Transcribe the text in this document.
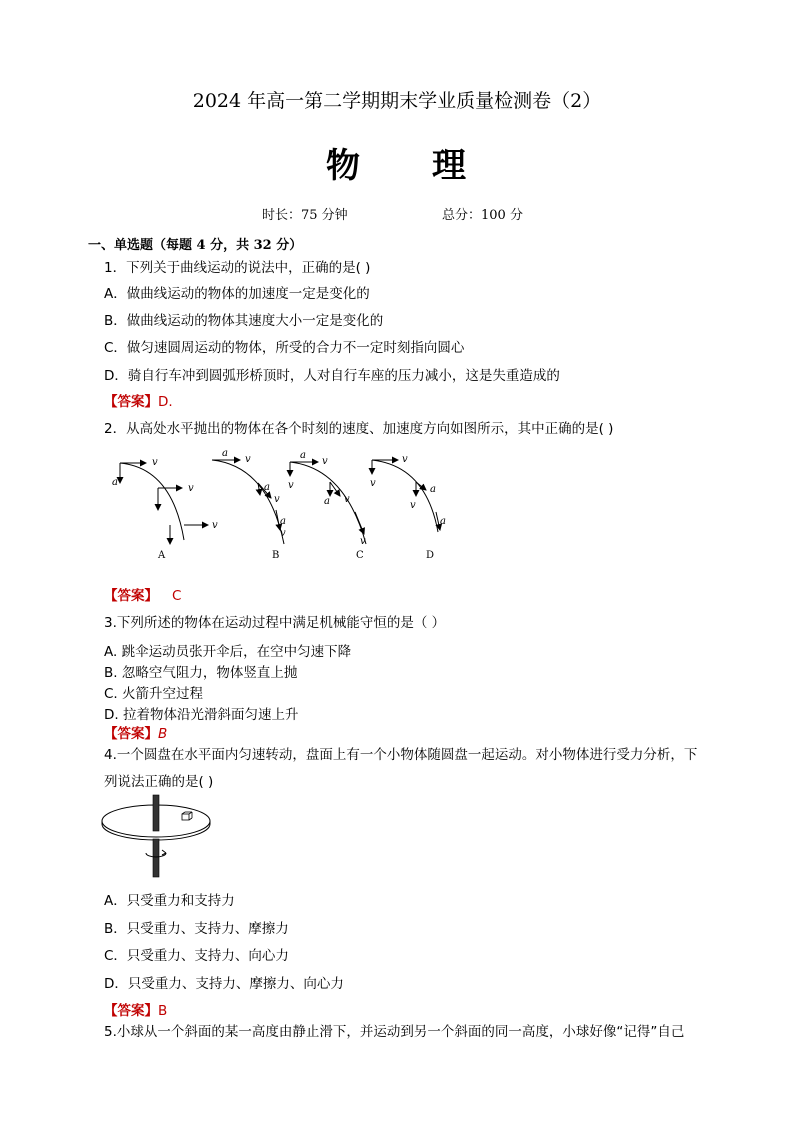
2024 年高一第二学期期末学业质量检测卷（2）
物 理
时长：75 分钟	总分：100 分
一、单选题（每题 4 分，共 32 分）
1．下列关于曲线运动的说法中，正确的是( )
A．做曲线运动的物体的加速度一定是变化的
B．做曲线运动的物体其速度大小一定是变化的
C．做匀速圆周运动的物体，所受的合力不一定时刻指向圆心
D．骑自行车冲到圆弧形桥顶时，人对自行车座的压力减小，这是失重造成的
【答案】D.
2．从高处水平抛出的物体在各个时刻的速度、加速度方向如图所示，其中正确的是( )
a
v
v
v
A
a
v
a
v
a
v
B
a
v
v
a v
v
C
v
v
a
v
a
D
【答案】 C
3.下列所述的物体在运动过程中满足机械能守恒的是（ ）
A. 跳伞运动员张开伞后，在空中匀速下降
B. 忽略空气阻力，物体竖直上抛
C. 火箭升空过程
D. 拉着物体沿光滑斜面匀速上升
【答案】B
4.一个圆盘在水平面内匀速转动，盘面上有一个小物体随圆盘一起运动。对小物体进行受力分析，下
列说法正确的是( )
A．只受重力和支持力
B．只受重力、支持力、摩擦力
C．只受重力、支持力、向心力
D．只受重力、支持力、摩擦力、向心力
【答案】B
5.小球从一个斜面的某一高度由静止滑下，并运动到另一个斜面的同一高度，小球好像“记得”自己
